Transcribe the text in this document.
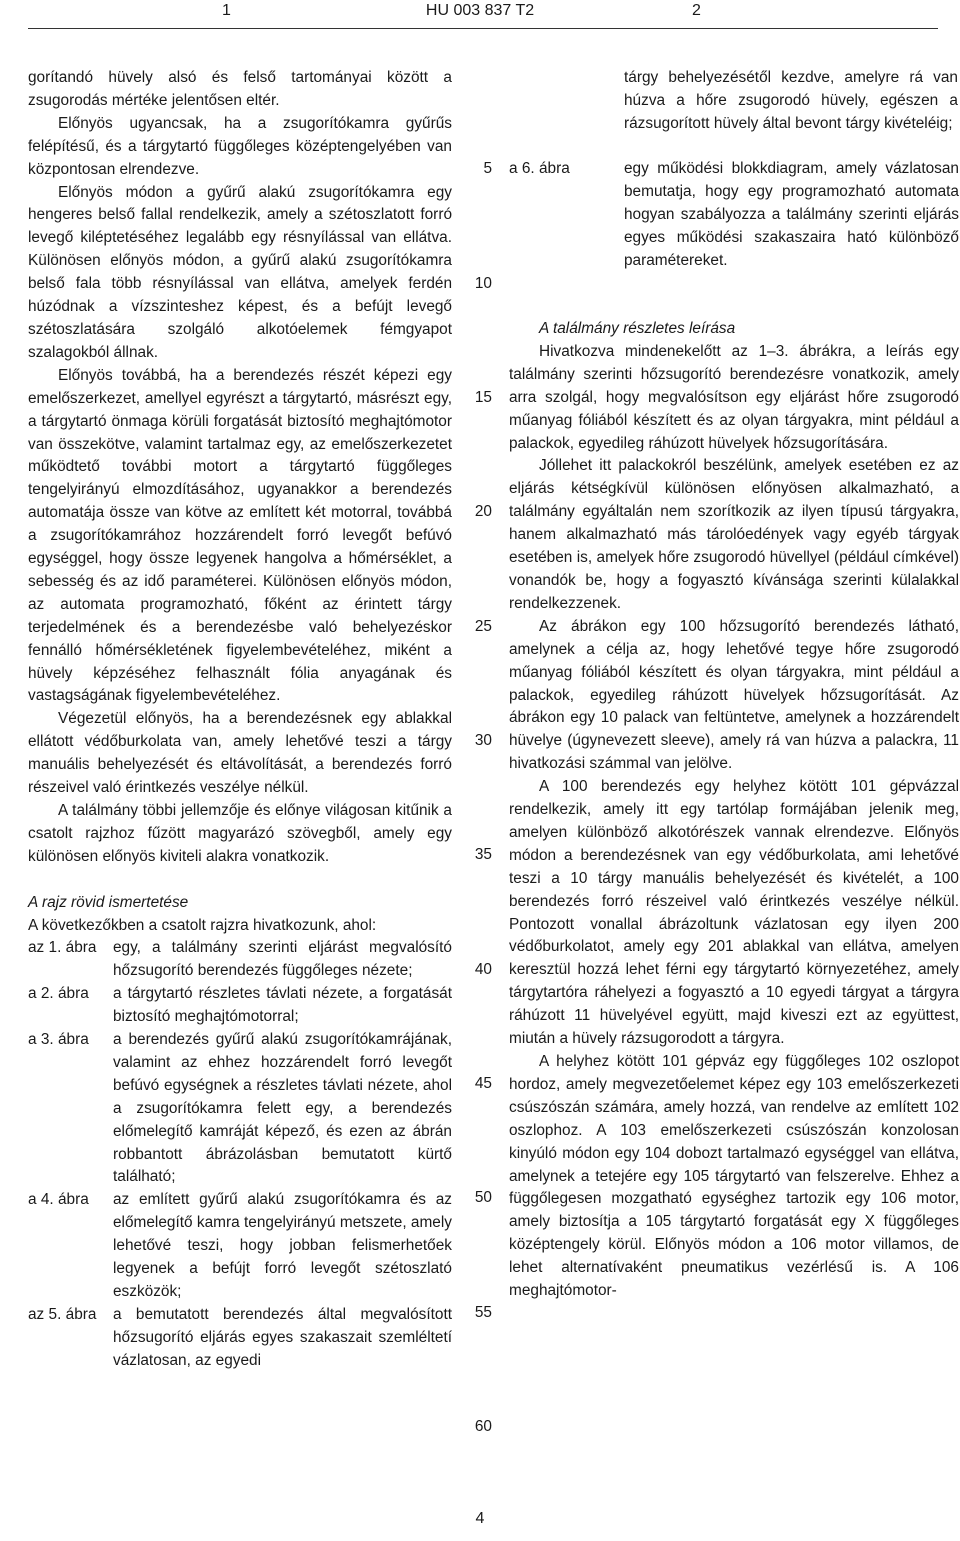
1	HU 003 837 T2	2

gorítandó hüvely alsó és felső tartományai között a zsugorodás mértéke jelentősen eltér.

Előnyös ugyancsak, ha a zsugorítókamra gyűrűs felépítésű, és a tárgytartó függőleges középtengelyében van központosan elrendezve.

Előnyös módon a gyűrű alakú zsugorítókamra egy hengeres belső fallal rendelkezik, amely a szétoszlatott forró levegő kiléptetéséhez legalább egy résnyílással van ellátva. Különösen előnyös módon, a gyűrű alakú zsugorítókamra belső fala több résnyílással van ellátva, amelyek ferdén húzódnak a vízszinteshez képest, és a befújt levegő szétoszlatására szolgáló alkotóelemek fémgyapot szalagokból állnak.

Előnyös továbbá, ha a berendezés részét képezi egy emelőszerkezet, amellyel egyrészt a tárgytartó, másrészt egy, a tárgytartó önmaga körüli forgatását biztosító meghajtómotor van összekötve, valamint tartalmaz egy, az emelőszerkezetet működtető további motort a tárgytartó függőleges tengelyirányú elmozdításához, ugyanakkor a berendezés automatája össze van kötve az említett két motorral, továbbá a zsugorítókamrához hozzárendelt forró levegőt befúvó egységgel, hogy össze legyenek hangolva a hőmérséklet, a sebesség és az idő paraméterei. Különösen előnyös módon, az automata programozható, főként az érintett tárgy terjedelmének és a berendezésbe való behelyezéskor fennálló hőmérsékletének figyelembevételéhez, miként a hüvely képzéséhez felhasznált fólia anyagának és vastagságának figyelembevételéhez.

Végezetül előnyös, ha a berendezésnek egy ablakkal ellátott védőburkolata van, amely lehetővé teszi a tárgy manuális behelyezését és eltávolítását, a berendezés forró részeivel való érintkezés veszélye nélkül.

A találmány többi jellemzője és előnye világosan kitűnik a csatolt rajzhoz fűzött magyarázó szövegből, amely egy különösen előnyös kiviteli alakra vonatkozik.

A rajz rövid ismertetése

A következőkben a csatolt rajzra hivatkozunk, ahol:

az 1. ábra	egy, a találmány szerinti eljárást megvalósító hőzsugorító berendezés függőleges nézete;
a 2. ábra	a tárgytartó részletes távlati nézete, a forgatását biztosító meghajtómotorral;
a 3. ábra	a berendezés gyűrű alakú zsugorítókamrájának, valamint az ehhez hozzárendelt forró levegőt befúvó egységnek a részletes távlati nézete, ahol a zsugorítókamra felett egy, a berendezés előmelegítő kamráját képező, és ezen az ábrán robbantott ábrázolásban bemutatott kürtő található;
a 4. ábra	az említett gyűrű alakú zsugorítókamra és az előmelegítő kamra tengelyirányú metszete, amely lehetővé teszi, hogy jobban felismerhetőek legyenek a befújt forró levegőt szétoszlató eszközök;
az 5. ábra	a bemutatott berendezés által megvalósított hőzsugorító eljárás egyes szakaszait szemléltetí vázlatosan, az egyedi
5
10
15
20
25
30
35
40
45
50
55
60
tárgy behelyezésétől kezdve, amelyre rá van húzva a hőre zsugorodó hüvely, egészen a rázsugorított hüvely által bevont tárgy kivételéig;
a 6. ábra	egy működési blokkdiagram, amely vázlatosan bemutatja, hogy egy programozható automata hogyan szabályozza a találmány szerinti eljárás egyes működési szakaszaira ható különböző paramétereket.

A találmány részletes leírása

Hivatkozva mindenekelőtt az 1–3. ábrákra, a leírás egy találmány szerinti hőzsugorító berendezésre vonatkozik, amely arra szolgál, hogy megvalósítson egy eljárást hőre zsugorodó műanyag fóliából készített és az olyan tárgyakra, mint például a palackok, egyedileg ráhúzott hüvelyek hőzsugorítására.

Jóllehet itt palackokról beszélünk, amelyek esetében ez az eljárás kétségkívül különösen előnyösen alkalmazható, a találmány egyáltalán nem szorítkozik az ilyen típusú tárgyakra, hanem alkalmazható más tárolóedények vagy egyéb tárgyak esetében is, amelyek hőre zsugorodó hüvellyel (például címkével) vonandók be, hogy a fogyasztó kívánsága szerinti külalakkal rendelkezzenek.

Az ábrákon egy 100 hőzsugorító berendezés látható, amelynek a célja az, hogy lehetővé tegye hőre zsugorodó műanyag fóliából készített és olyan tárgyakra, mint például a palackok, egyedileg ráhúzott hüvelyek hőzsugorítását. Az ábrákon egy 10 palack van feltüntetve, amelynek a hozzárendelt hüvelye (úgynevezett sleeve), amely rá van húzva a palackra, 11 hivatkozási számmal van jelölve.

A 100 berendezés egy helyhez kötött 101 gépvázzal rendelkezik, amely itt egy tartólap formájában jelenik meg, amelyen különböző alkotórészek vannak elrendezve. Előnyös módon a berendezésnek van egy védőburkolata, ami lehetővé teszi a 10 tárgy manuális behelyezését és kivételét, a 100 berendezés forró részeivel való érintkezés veszélye nélkül. Pontozott vonallal ábrázoltunk vázlatosan egy ilyen 200 védőburkolatot, amely egy 201 ablakkal van ellátva, amelyen keresztül hozzá lehet férni egy tárgytartó környezetéhez, amely tárgytartóra ráhelyezi a fogyasztó a 10 egyedi tárgyat a tárgyra ráhúzott 11 hüvelyével együtt, majd kiveszi ezt az együttest, miután a hüvely rázsugorodott a tárgyra.

A helyhez kötött 101 gépváz egy függőleges 102 oszlopot hordoz, amely megvezetőelemet képez egy 103 emelőszerkezeti csúszószán számára, amely hozzá, van rendelve az említett 102 oszlophoz. A 103 emelőszerkezeti csúszószán konzolosan kinyúló módon egy 104 dobozt tartalmazó egységgel van ellátva, amelynek a tetejére egy 105 tárgytartó van felszerelve. Ehhez a függőlegesen mozgatható egységhez tartozik egy 106 motor, amely biztosítja a 105 tárgytartó forgatását egy X függőleges középtengely körül. Előnyös módon a 106 motor villamos, de lehet alternatívaként pneumatikus vezérlésű is. A 106 meghajtómotor-

4
